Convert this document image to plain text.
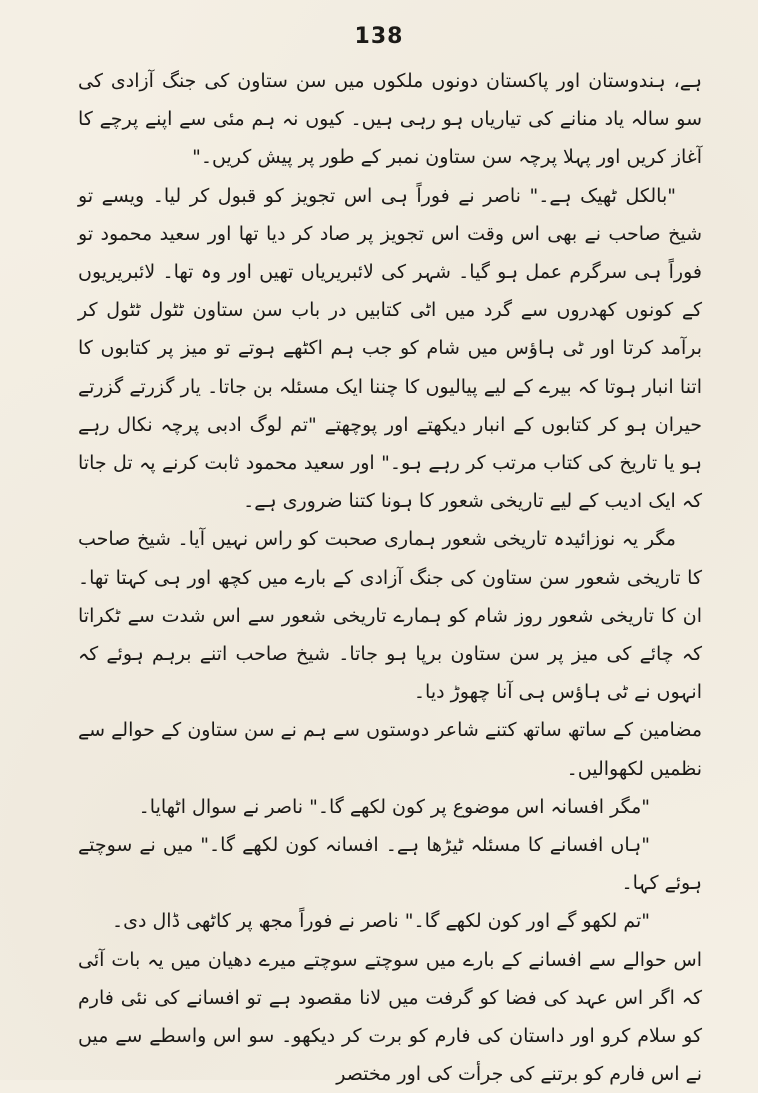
138

ہے، ہندوستان اور پاکستان دونوں ملکوں میں سن ستاون کی جنگ آزادی کی سو سالہ یاد منانے کی تیاریاں ہو رہی ہیں۔ کیوں نہ ہم مئی سے اپنے پرچے کا آغاز کریں اور پہلا پرچہ سن ستاون نمبر کے طور پر پیش کریں۔"

"بالکل ٹھیک ہے۔" ناصر نے فوراً ہی اس تجویز کو قبول کر لیا۔ ویسے تو شیخ صاحب نے بھی اس وقت اس تجویز پر صاد کر دیا تھا اور سعید محمود تو فوراً ہی سرگرم عمل ہو گیا۔ شہر کی لائبریریاں تھیں اور وہ تھا۔ لائبریریوں کے کونوں کھدروں سے گرد میں اٹی کتابیں در باب سن ستاون ٹٹول ٹٹول کر برآمد کرتا اور ٹی ہاؤس میں شام کو جب ہم اکٹھے ہوتے تو میز پر کتابوں کا اتنا انبار ہوتا کہ بیرے کے لیے پیالیوں کا چننا ایک مسئلہ بن جاتا۔ یار گزرتے گزرتے حیران ہو کر کتابوں کے انبار دیکھتے اور پوچھتے "تم لوگ ادبی پرچہ نکال رہے ہو یا تاریخ کی کتاب مرتب کر رہے ہو۔" اور سعید محمود ثابت کرنے پہ تل جاتا کہ ایک ادیب کے لیے تاریخی شعور کا ہونا کتنا ضروری ہے۔

مگر یہ نوزائیدہ تاریخی شعور ہماری صحبت کو راس نہیں آیا۔ شیخ صاحب کا تاریخی شعور سن ستاون کی جنگ آزادی کے بارے میں کچھ اور ہی کہتا تھا۔ ان کا تاریخی شعور روز شام کو ہمارے تاریخی شعور سے اس شدت سے ٹکراتا کہ چائے کی میز پر سن ستاون برپا ہو جاتا۔ شیخ صاحب اتنے برہم ہوئے کہ انہوں نے ٹی ہاؤس ہی آنا چھوڑ دیا۔

مضامین کے ساتھ ساتھ کتنے شاعر دوستوں سے ہم نے سن ستاون کے حوالے سے نظمیں لکھوالیں۔

"مگر افسانہ اس موضوع پر کون لکھے گا۔" ناصر نے سوال اٹھایا۔

"ہاں افسانے کا مسئلہ ٹیڑھا ہے۔ افسانہ کون لکھے گا۔" میں نے سوچتے ہوئے کہا۔

"تم لکھو گے اور کون لکھے گا۔" ناصر نے فوراً مجھ پر کاٹھی ڈال دی۔

اس حوالے سے افسانے کے بارے میں سوچتے سوچتے میرے دھیان میں یہ بات آئی کہ اگر اس عہد کی فضا کو گرفت میں لانا مقصود ہے تو افسانے کی نئی فارم کو سلام کرو اور داستان کی فارم کو برت کر دیکھو۔ سو اس واسطے سے میں نے اس فارم کو برتنے کی جرأت کی اور مختصر
